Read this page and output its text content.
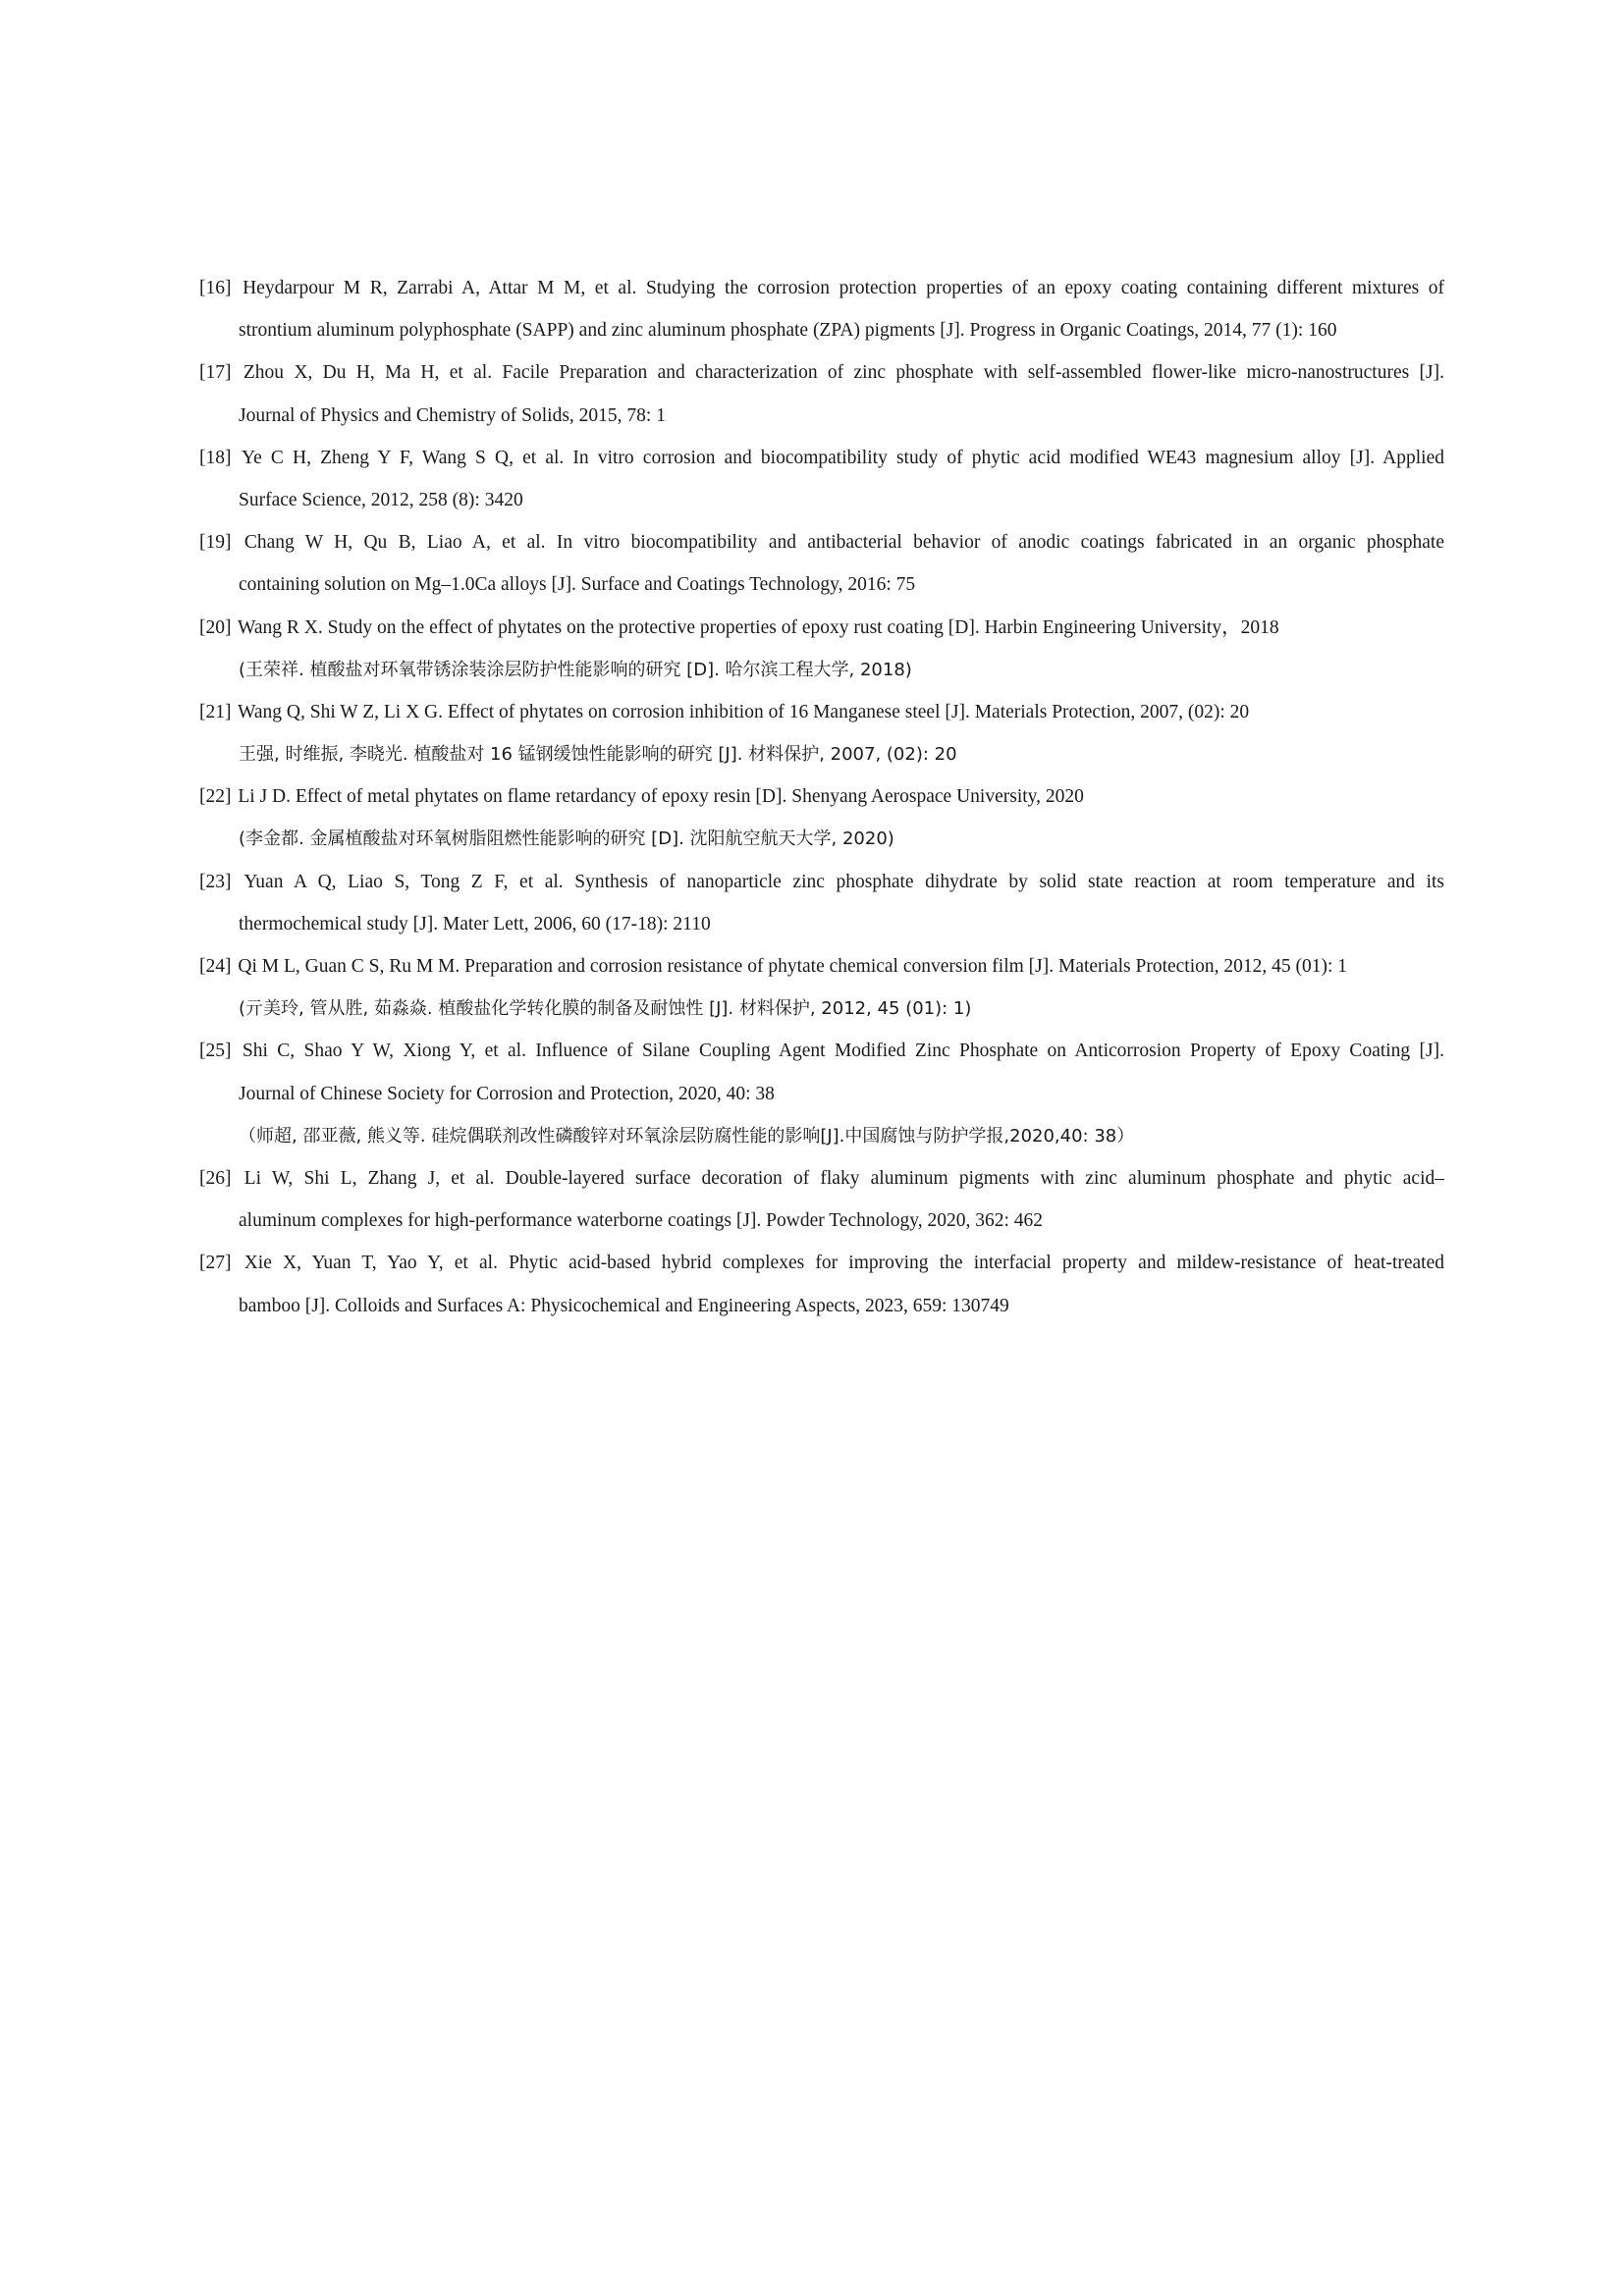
[16] Heydarpour M R, Zarrabi A, Attar M M, et al. Studying the corrosion protection properties of an epoxy coating containing different mixtures of
strontium aluminum polyphosphate (SAPP) and zinc aluminum phosphate (ZPA) pigments [J]. Progress in Organic Coatings, 2014, 77 (1): 160
[17] Zhou X, Du H, Ma H, et al. Facile Preparation and characterization of zinc phosphate with self-assembled flower-like micro-nanostructures [J].
Journal of Physics and Chemistry of Solids, 2015, 78: 1
[18] Ye C H, Zheng Y F, Wang S Q, et al. In vitro corrosion and biocompatibility study of phytic acid modified WE43 magnesium alloy [J]. Applied
Surface Science, 2012, 258 (8): 3420
[19] Chang W H, Qu B, Liao A, et al. In vitro biocompatibility and antibacterial behavior of anodic coatings fabricated in an organic phosphate
containing solution on Mg–1.0Ca alloys [J]. Surface and Coatings Technology, 2016: 75
[20] Wang R X. Study on the effect of phytates on the protective properties of epoxy rust coating [D]. Harbin Engineering University，2018
(王荣祥. 植酸盐对环氧带锈涂装涂层防护性能影响的研究 [D]. 哈尔滨工程大学, 2018)
[21] Wang Q, Shi W Z, Li X G. Effect of phytates on corrosion inhibition of 16 Manganese steel [J]. Materials Protection, 2007, (02): 20
王强, 时维振, 李晓光. 植酸盐对 16 锰钢缓蚀性能影响的研究 [J]. 材料保护, 2007, (02): 20
[22] Li J D. Effect of metal phytates on flame retardancy of epoxy resin [D]. Shenyang Aerospace University, 2020
(李金都. 金属植酸盐对环氧树脂阻燃性能影响的研究 [D]. 沈阳航空航天大学, 2020)
[23] Yuan A Q, Liao S, Tong Z F, et al. Synthesis of nanoparticle zinc phosphate dihydrate by solid state reaction at room temperature and its
thermochemical study [J]. Mater Lett, 2006, 60 (17-18): 2110
[24] Qi M L, Guan C S, Ru M M. Preparation and corrosion resistance of phytate chemical conversion film [J]. Materials Protection, 2012, 45 (01): 1
(亓美玲, 管从胜, 茹淼焱. 植酸盐化学转化膜的制备及耐蚀性 [J]. 材料保护, 2012, 45 (01): 1)
[25] Shi C, Shao Y W, Xiong Y, et al. Influence of Silane Coupling Agent Modified Zinc Phosphate on Anticorrosion Property of Epoxy Coating [J].
Journal of Chinese Society for Corrosion and Protection, 2020, 40: 38
（师超, 邵亚薇, 熊义等. 硅烷偶联剂改性磷酸锌对环氧涂层防腐性能的影响[J].中国腐蚀与防护学报,2020,40: 38）
[26] Li W, Shi L, Zhang J, et al. Double-layered surface decoration of flaky aluminum pigments with zinc aluminum phosphate and phytic acid–
aluminum complexes for high-performance waterborne coatings [J]. Powder Technology, 2020, 362: 462
[27] Xie X, Yuan T, Yao Y, et al. Phytic acid-based hybrid complexes for improving the interfacial property and mildew-resistance of heat-treated
bamboo [J]. Colloids and Surfaces A: Physicochemical and Engineering Aspects, 2023, 659: 130749
